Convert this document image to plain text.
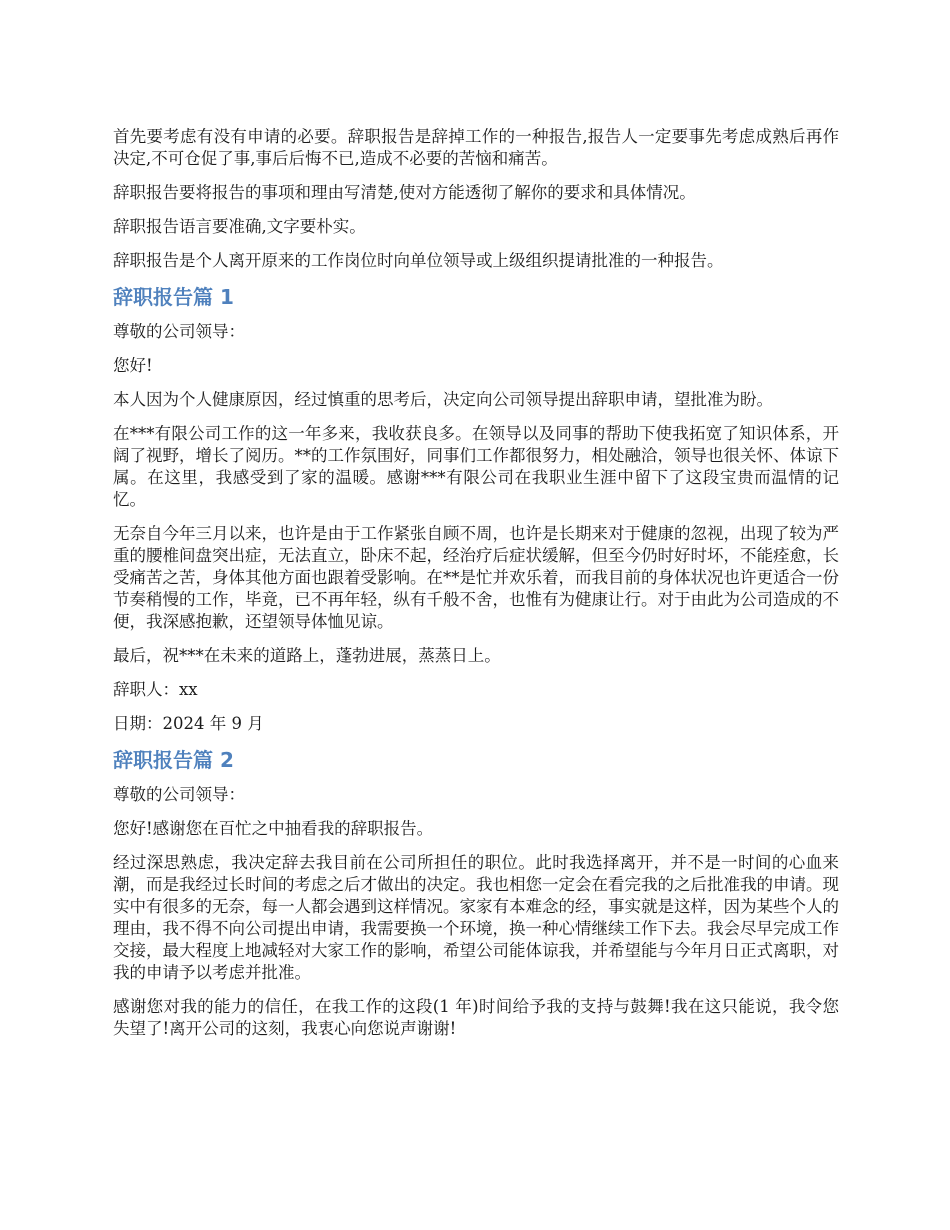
首先要考虑有没有申请的必要。辞职报告是辞掉工作的一种报告,报告人一定要事先考虑成熟后再作决定,不可仓促了事,事后后悔不已,造成不必要的苦恼和痛苦。

辞职报告要将报告的事项和理由写清楚,使对方能透彻了解你的要求和具体情况。

辞职报告语言要准确,文字要朴实。

辞职报告是个人离开原来的工作岗位时向单位领导或上级组织提请批准的一种报告。

辞职报告篇 1

尊敬的公司领导：

您好!

本人因为个人健康原因，经过慎重的思考后，决定向公司领导提出辞职申请，望批准为盼。

在***有限公司工作的这一年多来，我收获良多。在领导以及同事的帮助下使我拓宽了知识体系，开阔了视野，增长了阅历。**的工作氛围好，同事们工作都很努力，相处融洽，领导也很关怀、体谅下属。在这里，我感受到了家的温暖。感谢***有限公司在我职业生涯中留下了这段宝贵而温情的记忆。

无奈自今年三月以来，也许是由于工作紧张自顾不周，也许是长期来对于健康的忽视，出现了较为严重的腰椎间盘突出症，无法直立，卧床不起，经治疗后症状缓解，但至今仍时好时坏，不能痊愈，长受痛苦之苦，身体其他方面也跟着受影响。在**是忙并欢乐着，而我目前的身体状况也许更适合一份节奏稍慢的工作，毕竟，已不再年轻，纵有千般不舍，也惟有为健康让行。对于由此为公司造成的不便，我深感抱歉，还望领导体恤见谅。

最后，祝***在未来的道路上，蓬勃进展，蒸蒸日上。

辞职人：xx

日期：2024 年 9 月

辞职报告篇 2

尊敬的公司领导：

您好!感谢您在百忙之中抽看我的辞职报告。

经过深思熟虑，我决定辞去我目前在公司所担任的职位。此时我选择离开，并不是一时间的心血来潮，而是我经过长时间的考虑之后才做出的决定。我也相您一定会在看完我的之后批准我的申请。现实中有很多的无奈，每一人都会遇到这样情况。家家有本难念的经，事实就是这样，因为某些个人的理由，我不得不向公司提出申请，我需要换一个环境，换一种心情继续工作下去。我会尽早完成工作交接，最大程度上地减轻对大家工作的影响，希望公司能体谅我，并希望能与今年月日正式离职，对我的申请予以考虑并批准。

感谢您对我的能力的信任，在我工作的这段(1 年)时间给予我的支持与鼓舞!我在这只能说，我令您失望了!离开公司的这刻，我衷心向您说声谢谢!
